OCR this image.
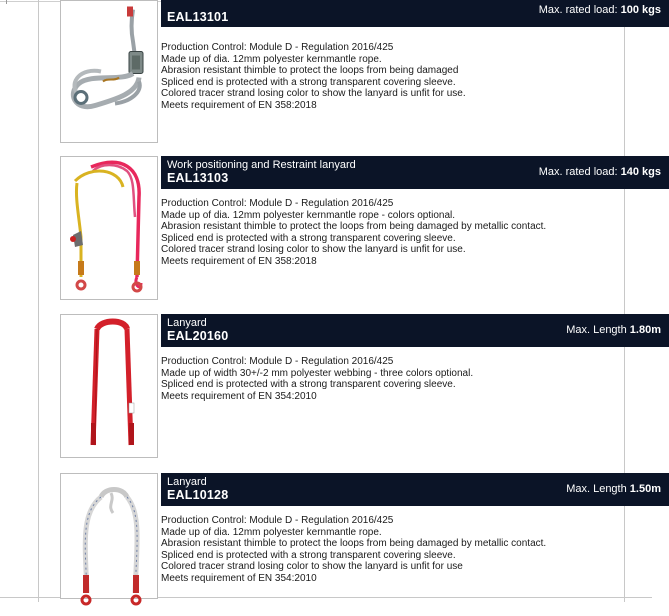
EAL13101	Max. rated load: 100 kgs
Production Control: Module D - Regulation 2016/425
Made up of dia. 12mm polyester kernmantle rope.
Abrasion resistant thimble to protect the loops from being damaged
Spliced end is protected with a strong transparent covering sleeve.
Colored tracer strand losing color to show the lanyard is unfit for use.
Meets requirement of EN 358:2018
Work positioning and Restraint lanyard
EAL13103	Max. rated load: 140 kgs
Production Control: Module D - Regulation 2016/425
Made up of dia. 12mm polyester kernmantle rope - colors optional.
Abrasion resistant thimble to protect the loops from being damaged by metallic contact.
Spliced end is protected with a strong transparent covering sleeve.
Colored tracer strand losing color to show the lanyard is unfit for use.
Meets requirement of EN 358:2018
Lanyard
EAL20160	Max. Length 1.80m
Production Control: Module D - Regulation 2016/425
Made up of width 30+/-2 mm polyester webbing - three colors optional.
Spliced end is protected with a strong transparent covering sleeve.
Meets requirement of EN 354:2010
Lanyard
EAL10128	Max. Length 1.50m
Production Control: Module D - Regulation 2016/425
Made up of dia. 12mm polyester kernmantle rope.
Abrasion resistant thimble to protect the loops from being damaged by metallic contact.
Spliced end is protected with a strong transparent covering sleeve.
Colored tracer strand losing color to show the lanyard is unfit for use
Meets requirement of EN 354:2010
